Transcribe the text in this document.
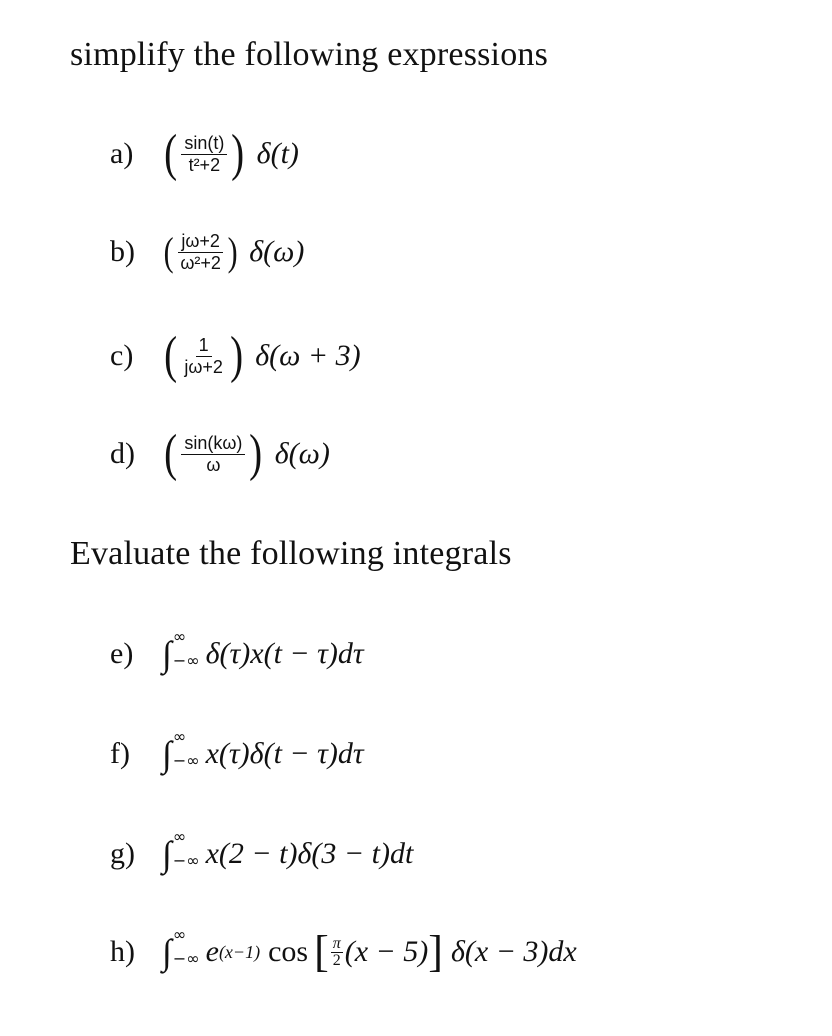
simplify the following expressions
a) ( $\frac{\sin(t)}{\text{t²+2}}$ ) δ(t)
b) ( $\frac{j\omega+2}{\text{ω²+2}}$ ) δ(ω)
c) ( $\frac{1}{j\omega+2}$ ) δ(ω + 3)
d) ( $\frac{\sin(k\omega)}{\omega}$ ) δ(ω)
Evaluate the following integrals
e) ∫ ∞
−∞ δ(τ)x(t − τ)dτ
f) ∫ ∞
−∞ x(τ)δ(t − τ)dτ
g) ∫ ∞
−∞ x(2 − t)δ(3 − t)dt
h) ∫ ∞
−∞ e (x−1) cos [ $\frac{\pi}{2} (x - 5)$ ] δ(x − 3)dx
